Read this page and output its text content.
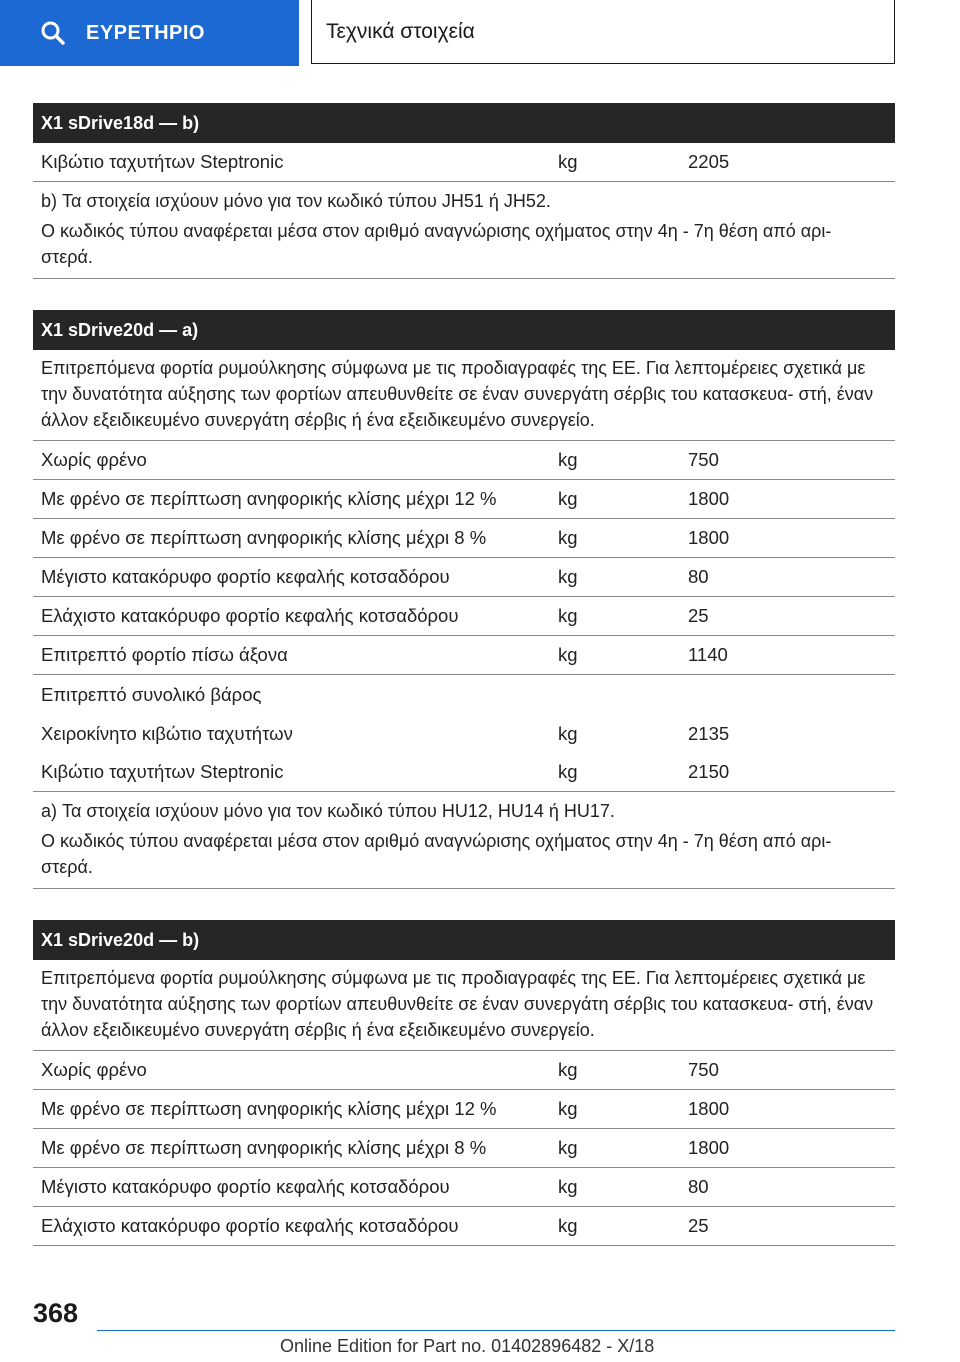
ΕΥΡΕΤΗΡΙΟ	Τεχνικά στοιχεία
X1 sDrive18d — b)
Κιβώτιο ταχυτήτων Steptronic	kg	2205
b) Τα στοιχεία ισχύουν μόνο για τον κωδικό τύπου JH51 ή JH52.
Ο κωδικός τύπου αναφέρεται μέσα στον αριθμό αναγνώρισης οχήματος στην 4η - 7η θέση από αρι- στερά.
X1 sDrive20d — a)
Επιτρεπόμενα φορτία ρυμούλκησης σύμφωνα με τις προδιαγραφές της ΕΕ. Για λεπτομέρειες σχετικά με την δυνατότητα αύξησης των φορτίων απευθυνθείτε σε έναν συνεργάτη σέρβις του κατασκευα- στή, έναν άλλον εξειδικευμένο συνεργάτη σέρβις ή ένα εξειδικευμένο συνεργείο.
Χωρίς φρένο	kg	750
Με φρένο σε περίπτωση ανηφορικής κλίσης μέχρι 12 %	kg	1800
Με φρένο σε περίπτωση ανηφορικής κλίσης μέχρι 8 %	kg	1800
Μέγιστο κατακόρυφο φορτίο κεφαλής κοτσαδόρου	kg	80
Ελάχιστο κατακόρυφο φορτίο κεφαλής κοτσαδόρου	kg	25
Επιτρεπτό φορτίο πίσω άξονα	kg	1140
Επιτρεπτό συνολικό βάρος
Χειροκίνητο κιβώτιο ταχυτήτων	kg	2135
Κιβώτιο ταχυτήτων Steptronic	kg	2150
a) Τα στοιχεία ισχύουν μόνο για τον κωδικό τύπου HU12, HU14 ή HU17.
Ο κωδικός τύπου αναφέρεται μέσα στον αριθμό αναγνώρισης οχήματος στην 4η - 7η θέση από αρι- στερά.
X1 sDrive20d — b)
Επιτρεπόμενα φορτία ρυμούλκησης σύμφωνα με τις προδιαγραφές της ΕΕ. Για λεπτομέρειες σχετικά με την δυνατότητα αύξησης των φορτίων απευθυνθείτε σε έναν συνεργάτη σέρβις του κατασκευα- στή, έναν άλλον εξειδικευμένο συνεργάτη σέρβις ή ένα εξειδικευμένο συνεργείο.
Χωρίς φρένο	kg	750
Με φρένο σε περίπτωση ανηφορικής κλίσης μέχρι 12 %	kg	1800
Με φρένο σε περίπτωση ανηφορικής κλίσης μέχρι 8 %	kg	1800
Μέγιστο κατακόρυφο φορτίο κεφαλής κοτσαδόρου	kg	80
Ελάχιστο κατακόρυφο φορτίο κεφαλής κοτσαδόρου	kg	25
368
Online Edition for Part no. 01402896482 - X/18
